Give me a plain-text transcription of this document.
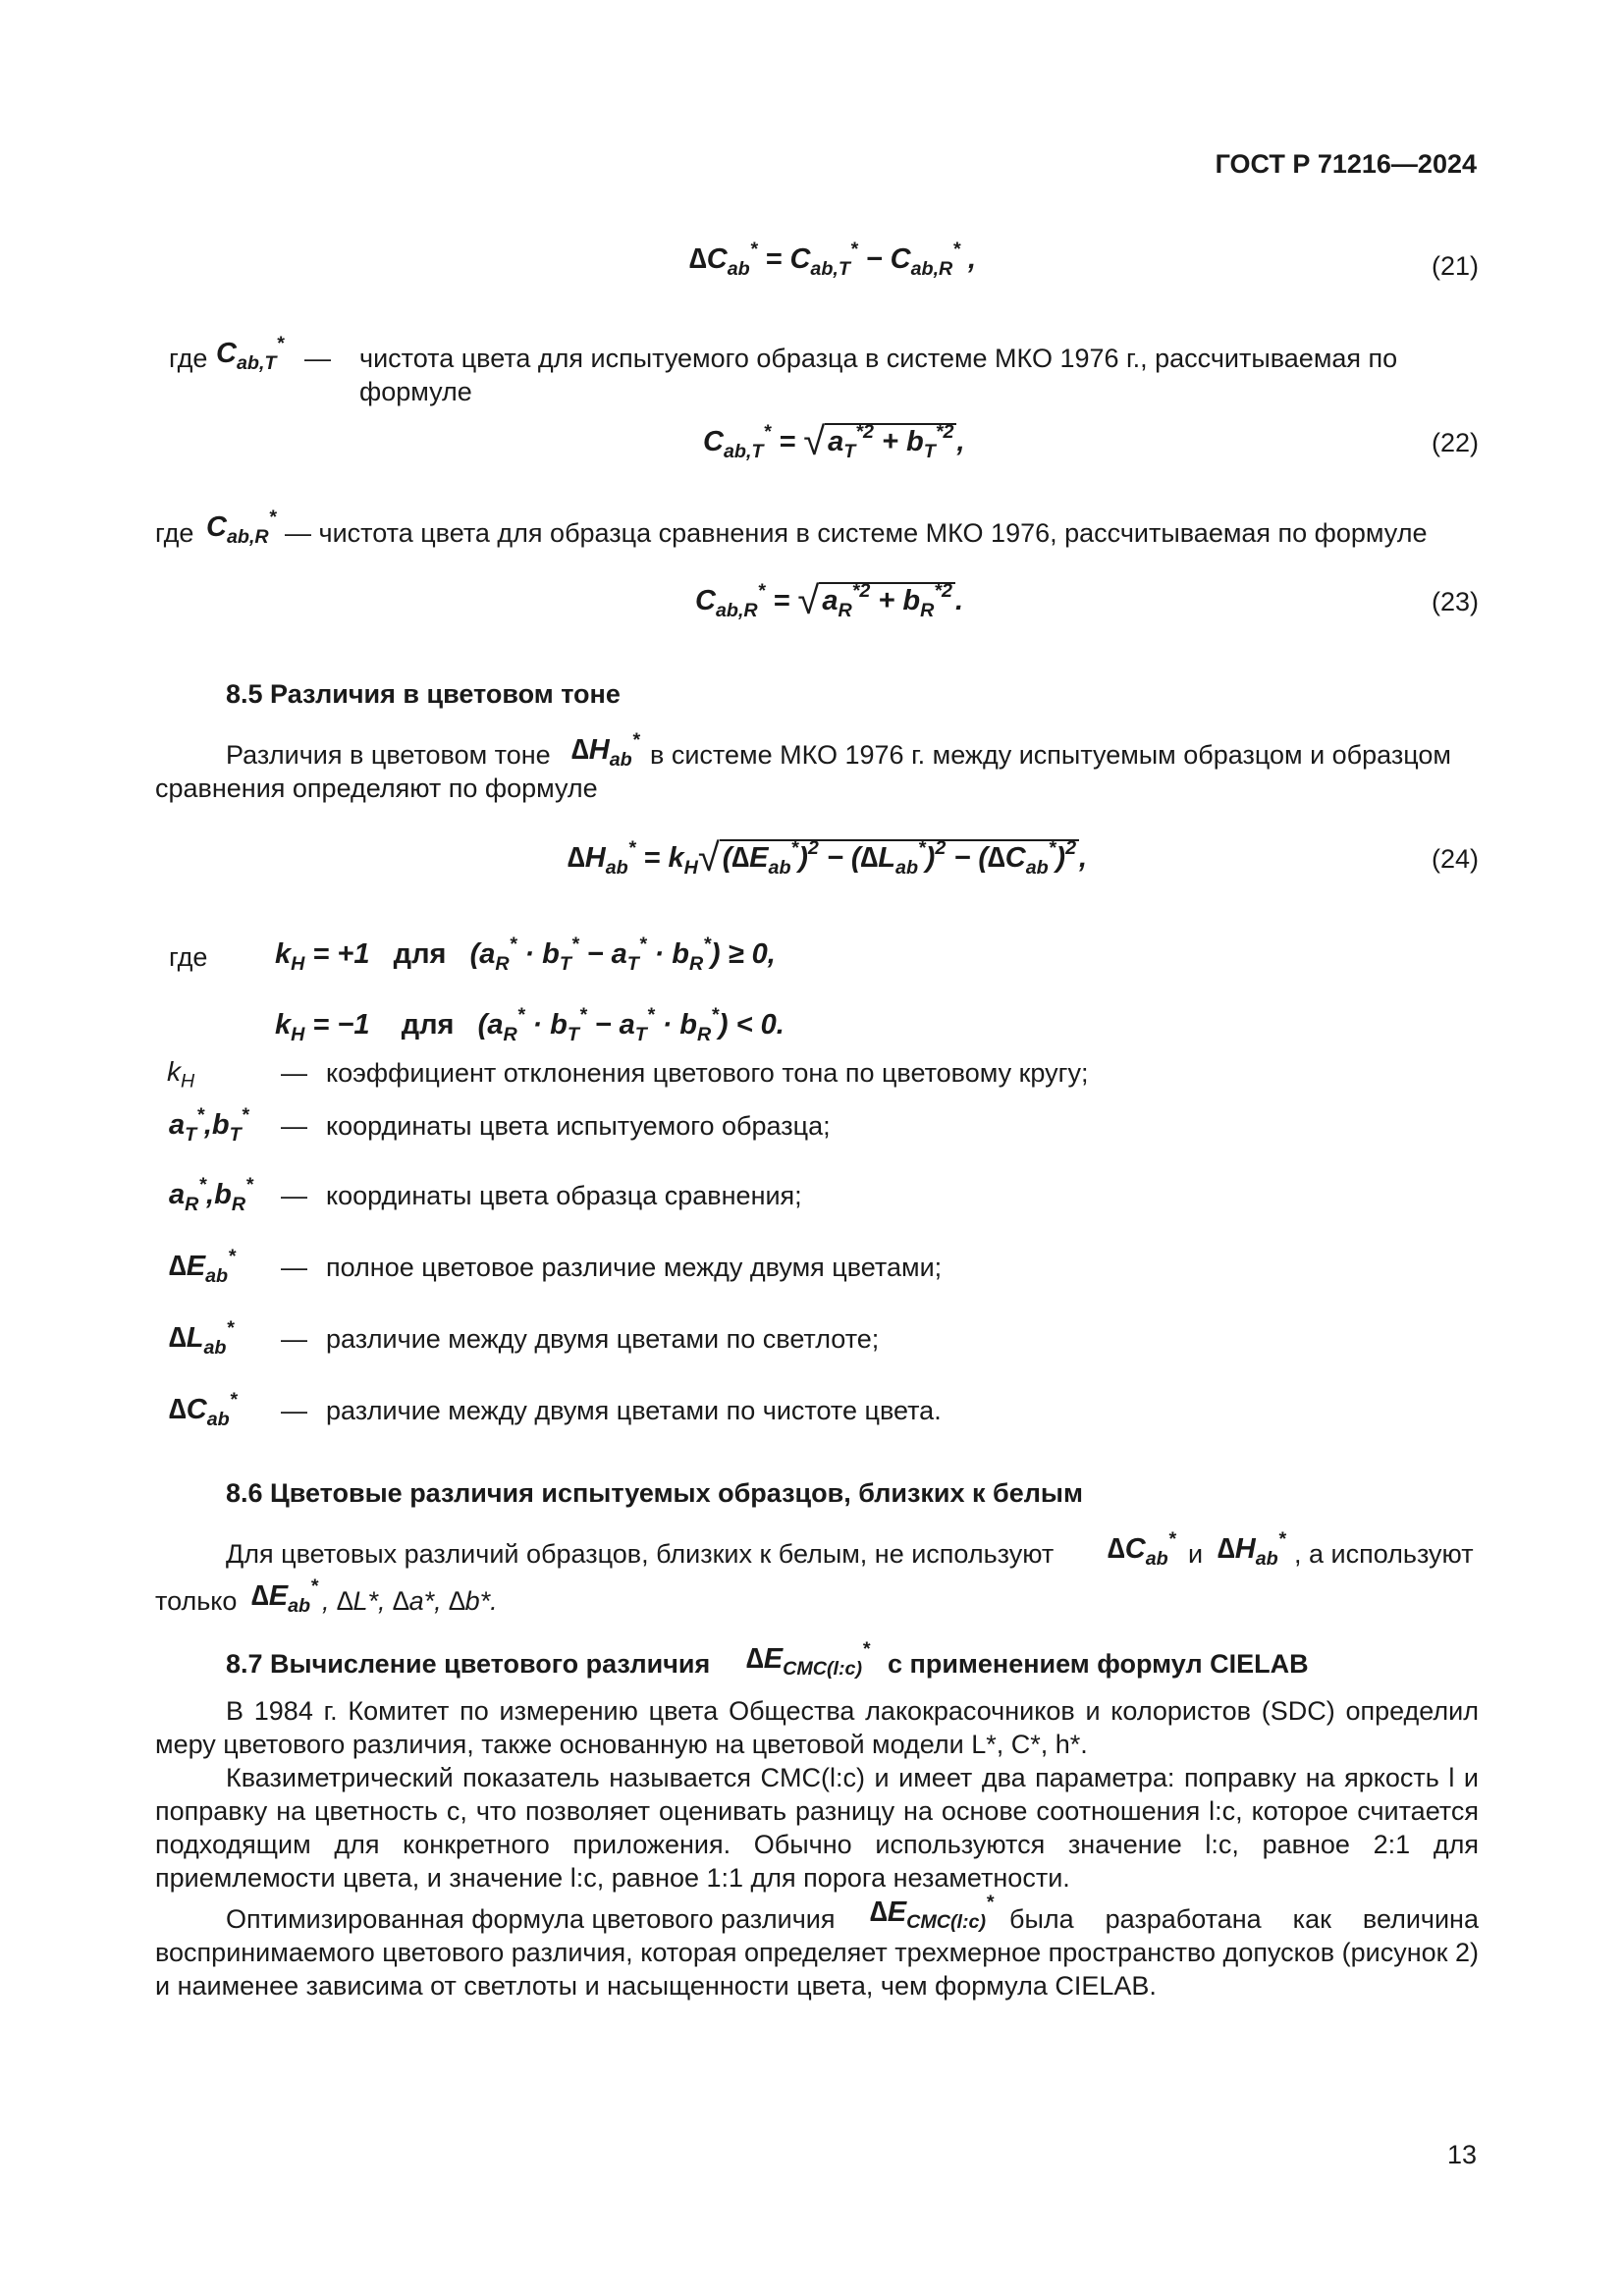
ГОСТ Р 71216—2024
$\Delta C_{ab}^* = C_{ab,T}^* - C_{ab,R}^*$ ,	(21)
где $C_{ab,T}^*$ — чистота цвета для испытуемого образца в системе МКО 1976 г., рассчитываемая по
формуле
$C_{ab,T}^*$ = √ $a_T^{*2} + b_T^{*2}$ ,	(22)
где $C_{ab,R}^*$
— чистота цвета для образца сравнения в системе МКО 1976, рассчитываемая по формуле
$C_{ab,R}^*$ = √ $a_R^{*2} + b_R^{*2}$ .	(23)
8.5 Различия в цветовом тоне
Различия в цветовом тоне $\Delta H_{ab}^*$ в системе МКО 1976 г. между испытуемым образцом и образцом
сравнения определяют по формуле
$\Delta H_{ab}^* = k_H√$ $(\Delta E_{ab}^*)^2 - (\Delta L_{ab}^*)^2 - (\Delta C_{ab}^*)^2$ ,	(24)
где $k_H = +1$   для   $(a_R^* \cdot b_T^* - a_T^* \cdot b_R^*) \ge 0$,
$k_H = -1$    для   $(a_R^* \cdot b_T^* - a_T^* \cdot b_R^*) < 0$.
$k_H$	— коэффициент отклонения цветового тона по цветовому кругу;
$a_T^*,b_T^*$ — координаты цвета испытуемого образца;
$a_R^*,b_R^*$ — координаты цвета образца сравнения;
$\Delta E_{ab}^*$ — полное цветовое различие между двумя цветами;
$\Delta L_{ab}^*$ — различие между двумя цветами по светлоте;
$\Delta C_{ab}^*$ — различие между двумя цветами по чистоте цвета.
8.6 Цветовые различия испытуемых образцов, близких к белым
Для цветовых различий образцов, близких к белым, не используют $\Delta C_{ab}^*$ и $\Delta H_{ab}^*$ , а используют
только $\Delta E_{ab}^*$ , ∆L*, ∆a*, ∆b*.
8.7 Вычисление цветового различия $\Delta E_{CMC(l:c)}^*$ с применением формул CIELAB
В 1984 г. Комитет по измерению цвета Общества лакокрасочников и колористов (SDC) определил меру цветового различия, также основанную на цветовой модели L*, C*, h*.
Квазиметрический показатель называется CMC(l:c) и имеет два параметра: поправку на яркость l и поправку на цветность c, что позволяет оценивать разницу на основе соотношения l:c, которое считается подходящим для конкретного приложения. Обычно используются значение l:c, равное 2:1 для приемлемости цвета, и значение l:c, равное 1:1 для порога незаметности.
Оптимизированная формула цветового различия $\Delta E_{CMC(l:c)}^*$
была разработана как величина воспринимаемого цветового различия, которая определяет трехмерное пространство допусков (рисунок 2) и наименее зависима от светлоты и насыщенности цвета, чем формула CIELAB.
13
